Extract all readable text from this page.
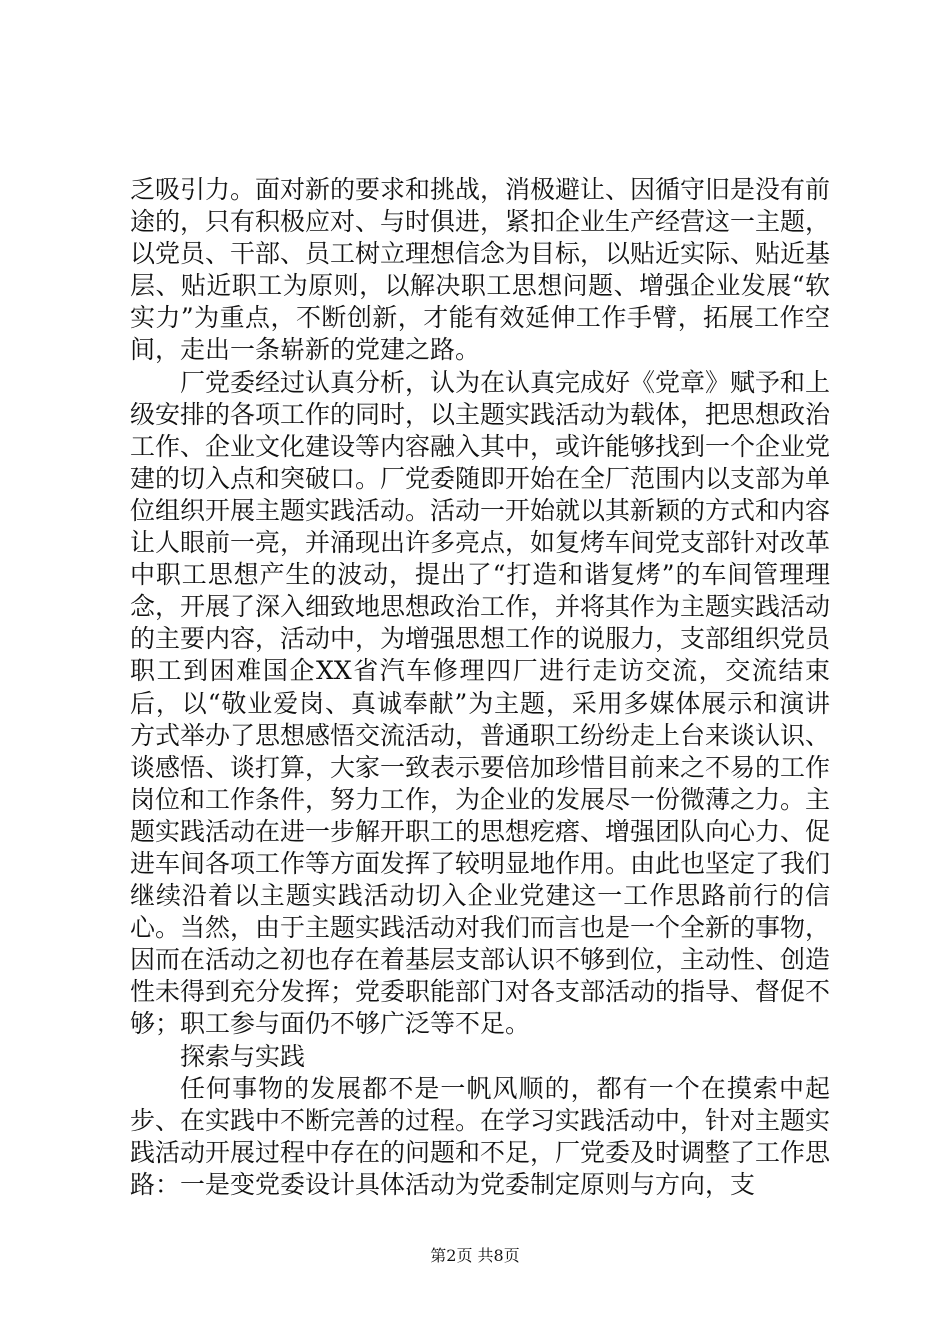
乏吸引力。面对新的要求和挑战，消极避让、因循守旧是没有前途的，只有积极应对、与时俱进，紧扣企业生产经营这一主题，以党员、干部、员工树立理想信念为目标，以贴近实际、贴近基层、贴近职工为原则，以解决职工思想问题、增强企业发展“软实力”为重点，不断创新，才能有效延伸工作手臂，拓展工作空间，走出一条崭新的党建之路。

厂党委经过认真分析，认为在认真完成好《党章》赋予和上级安排的各项工作的同时，以主题实践活动为载体，把思想政治工作、企业文化建设等内容融入其中，或许能够找到一个企业党建的切入点和突破口。厂党委随即开始在全厂范围内以支部为单位组织开展主题实践活动。活动一开始就以其新颖的方式和内容让人眼前一亮，并涌现出许多亮点，如复烤车间党支部针对改革中职工思想产生的波动，提出了“打造和谐复烤”的车间管理理念，开展了深入细致地思想政治工作，并将其作为主题实践活动的主要内容，活动中，为增强思想工作的说服力，支部组织党员职工到困难国企XX省汽车修理四厂进行走访交流，交流结束后，以“敬业爱岗、真诚奉献”为主题，采用多媒体展示和演讲方式举办了思想感悟交流活动，普通职工纷纷走上台来谈认识、谈感悟、谈打算，大家一致表示要倍加珍惜目前来之不易的工作岗位和工作条件，努力工作，为企业的发展尽一份微薄之力。主题实践活动在进一步解开职工的思想疙瘩、增强团队向心力、促进车间各项工作等方面发挥了较明显地作用。由此也坚定了我们继续沿着以主题实践活动切入企业党建这一工作思路前行的信心。当然，由于主题实践活动对我们而言也是一个全新的事物，因而在活动之初也存在着基层支部认识不够到位，主动性、创造性未得到充分发挥；党委职能部门对各支部活动的指导、督促不够；职工参与面仍不够广泛等不足。

探索与实践

任何事物的发展都不是一帆风顺的，都有一个在摸索中起步、在实践中不断完善的过程。在学习实践活动中，针对主题实践活动开展过程中存在的问题和不足，厂党委及时调整了工作思路：一是变党委设计具体活动为党委制定原则与方向，支

第2页 共8页
